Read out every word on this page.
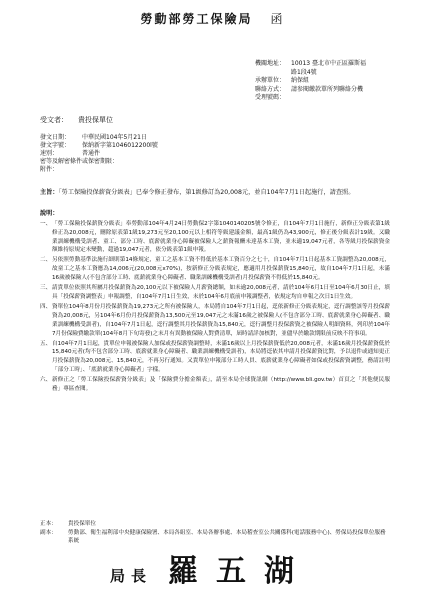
勞動部勞工保險局 函
機關地址： 10013 臺北市中正區羅斯福
路1段4號
承辦單位： 納保組
聯絡方式： 請参閱繳款單所列聯絡分機
受理號碼：
受文者： 貴投保單位
發文日期：	中華民國104年5月21日
發文字號：	保納新字第1046012200l號
速別：	普通件
密等及解密條件或保密期限：
附件：
主旨：「勞工保險投保薪資分級表」已奉令修正發布，第1級修訂為20,008元，並自104年7月1日起施行，請查照。
說明：
一、 「勞工保險投保薪資分級表」奉勞動部104年4月24日勞動保2字第1040140205號令修正，自104年7月1日施行，新修正分級表第1級修正為20,008元，刪除原表第1級19,273元至20,100元以上相符等級建議金額，最高1級仍為43,900元，修正後分級表計19級。又職業訓練機構受訓者、童工、部分工時、底薪就業身心障礙被保險人之薪資報酬未達基本工資，並未適19,047元者，各等級月投保薪資金額維持原規定未變動，超過19,047元者，依分級表第1級申報。
二、 另依照勞動基準法施行細則第14條規定，童工之基本工資不得低於基本工資百分之七十，自104年7月1日起基本工資調整為20,008元，故童工之基本工資應為14,006元(20,008元x70%)，按新修正分級表規定，應適用月投保薪資15,840元，故自104年7月1日起，未滿16歲被保險人(不包含部分工時、底薪就業身心障礙者、職業訓練機構受訓者)月投保薪資不得低於15,840元。
三、 請貴單位依照其所屬月投保薪資為20,100元以下被保險人月薪資總額，如未逾20,008元者，請於104年6月1日至104年6月30日止，填具「投保薪資調整表」申報調整，自104年7月1日生效，未於104年6月底前申報調整者，依規定均自申報之次日1日生效。
四、 資單位104年8月份月投保薪資為19,273元之所有被保險人，本局將自104年7月1日起，逕依新修正分級表規定，逕行調整該等月投保薪資為20,008元，另104年6月份月投保薪資為13,500元至19,047元之未滿16歲之被保險人(不包含部分工時、底薪就業身心障礙者、職業訓練機構受訓者)，自104年7月1日起，逕行調整其月投保薪資為15,840元，逕行調整月投保薪資之被保險人明細資料，列印於104年7月份保險費繳款單(104年8月下旬寄發)之末月有異動被保險人對費清單，屆時請詳加核對，並儘早於繳款期限前反映不符事項。
五、 自104年7月1日起，貴單位申報被保險人加保或投保薪資調整時，未滿16歲以上月投保薪資低於20,008元者，未滿16歲月投保薪資低於15,840元者(均不包含部分工時、底薪就業身心障礙者、職業訓練機構受訓者)，本局將逕依其申請月投保薪資比對，予以退件或通知更正月投保薪資為20,008元、15,840元，不再另行通知。又貴單位申報部分工時人員、底薪就業身心障礙者如保或投保薪資調整，務請註明「部分工時」、「底薪就業身心障礙者」字樣。
六、 新修正之「勞工保險投保薪資分級表」及「保險費分擔金額表」，請至本局全球資訊網（http://www.bli.gov.tw）首頁之「其他便民服務」專區查閱。
正本：	貴投保單位
副本：	勞動部、衛生福利部中央健康保險署、本局各組室、本局各辦事處、本局稽查室公共關係科(電話服務中心)、勞保局投保單位服務系統
局長 羅五湖
